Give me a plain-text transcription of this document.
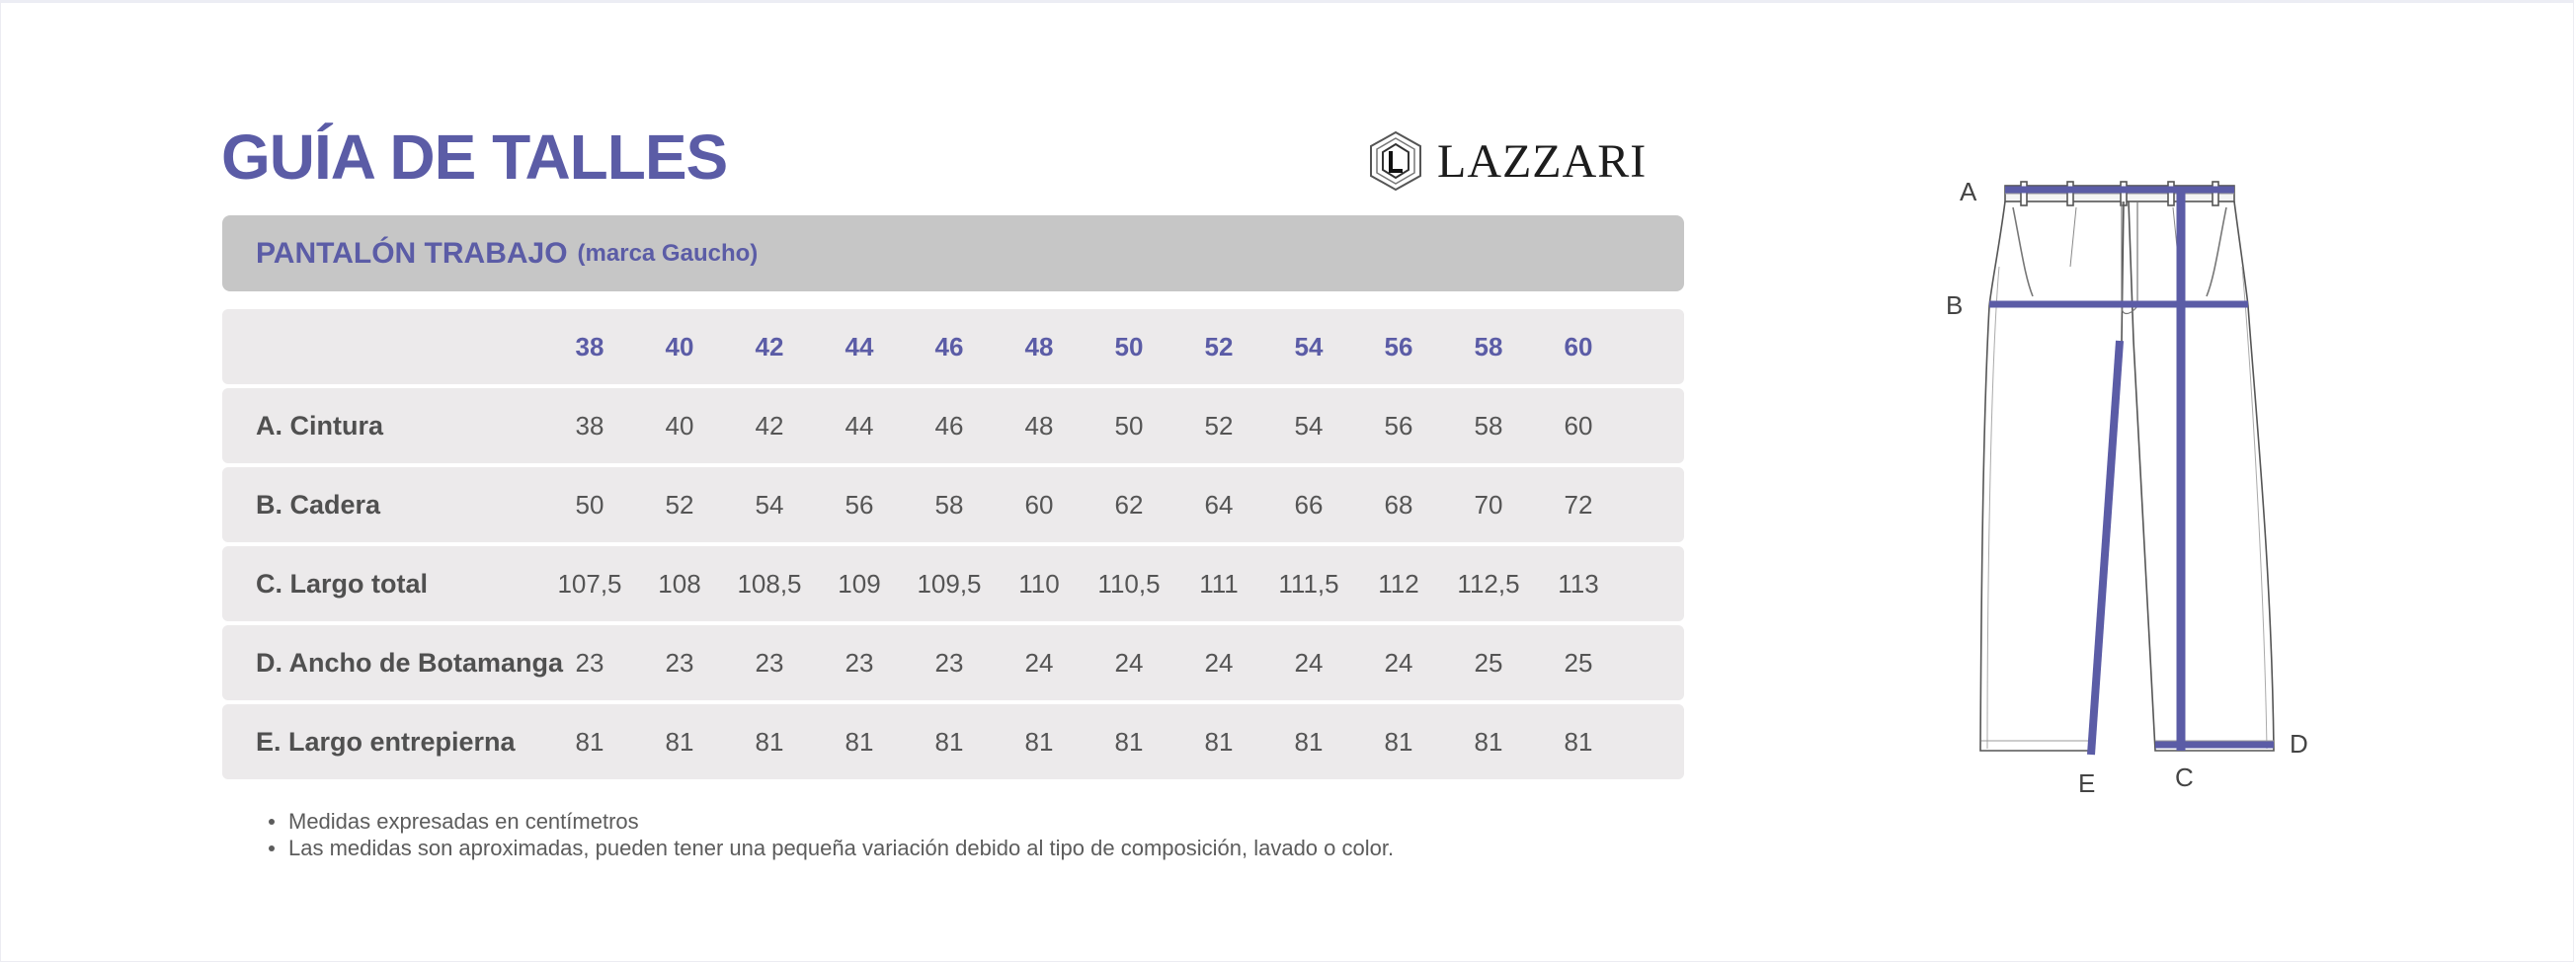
GUÍA DE TALLES	LAZZARI
PANTALÓN TRABAJO (marca Gaucho)
38	40	42	44	46	48	50	52	54	56	58	60
A. Cintura	38	40	42	44	46	48	50	52	54	56	58	60
B. Cadera	50	52	54	56	58	60	62	64	66	68	70	72
C. Largo total	107,5	108	108,5	109	109,5	110	110,5	111	111,5	112	112,5	113
D. Ancho de Botamanga 23	23	23	23	23	24	24	24	24	24	25	25
E. Largo entrepierna	81	81	81	81	81	81	81	81	81	81	81	81
Medidas expresadas en centímetros
Las medidas son aproximadas, pueden tener una pequeña variación debido al tipo de composición, lavado o color.
A
B
C
D
E
